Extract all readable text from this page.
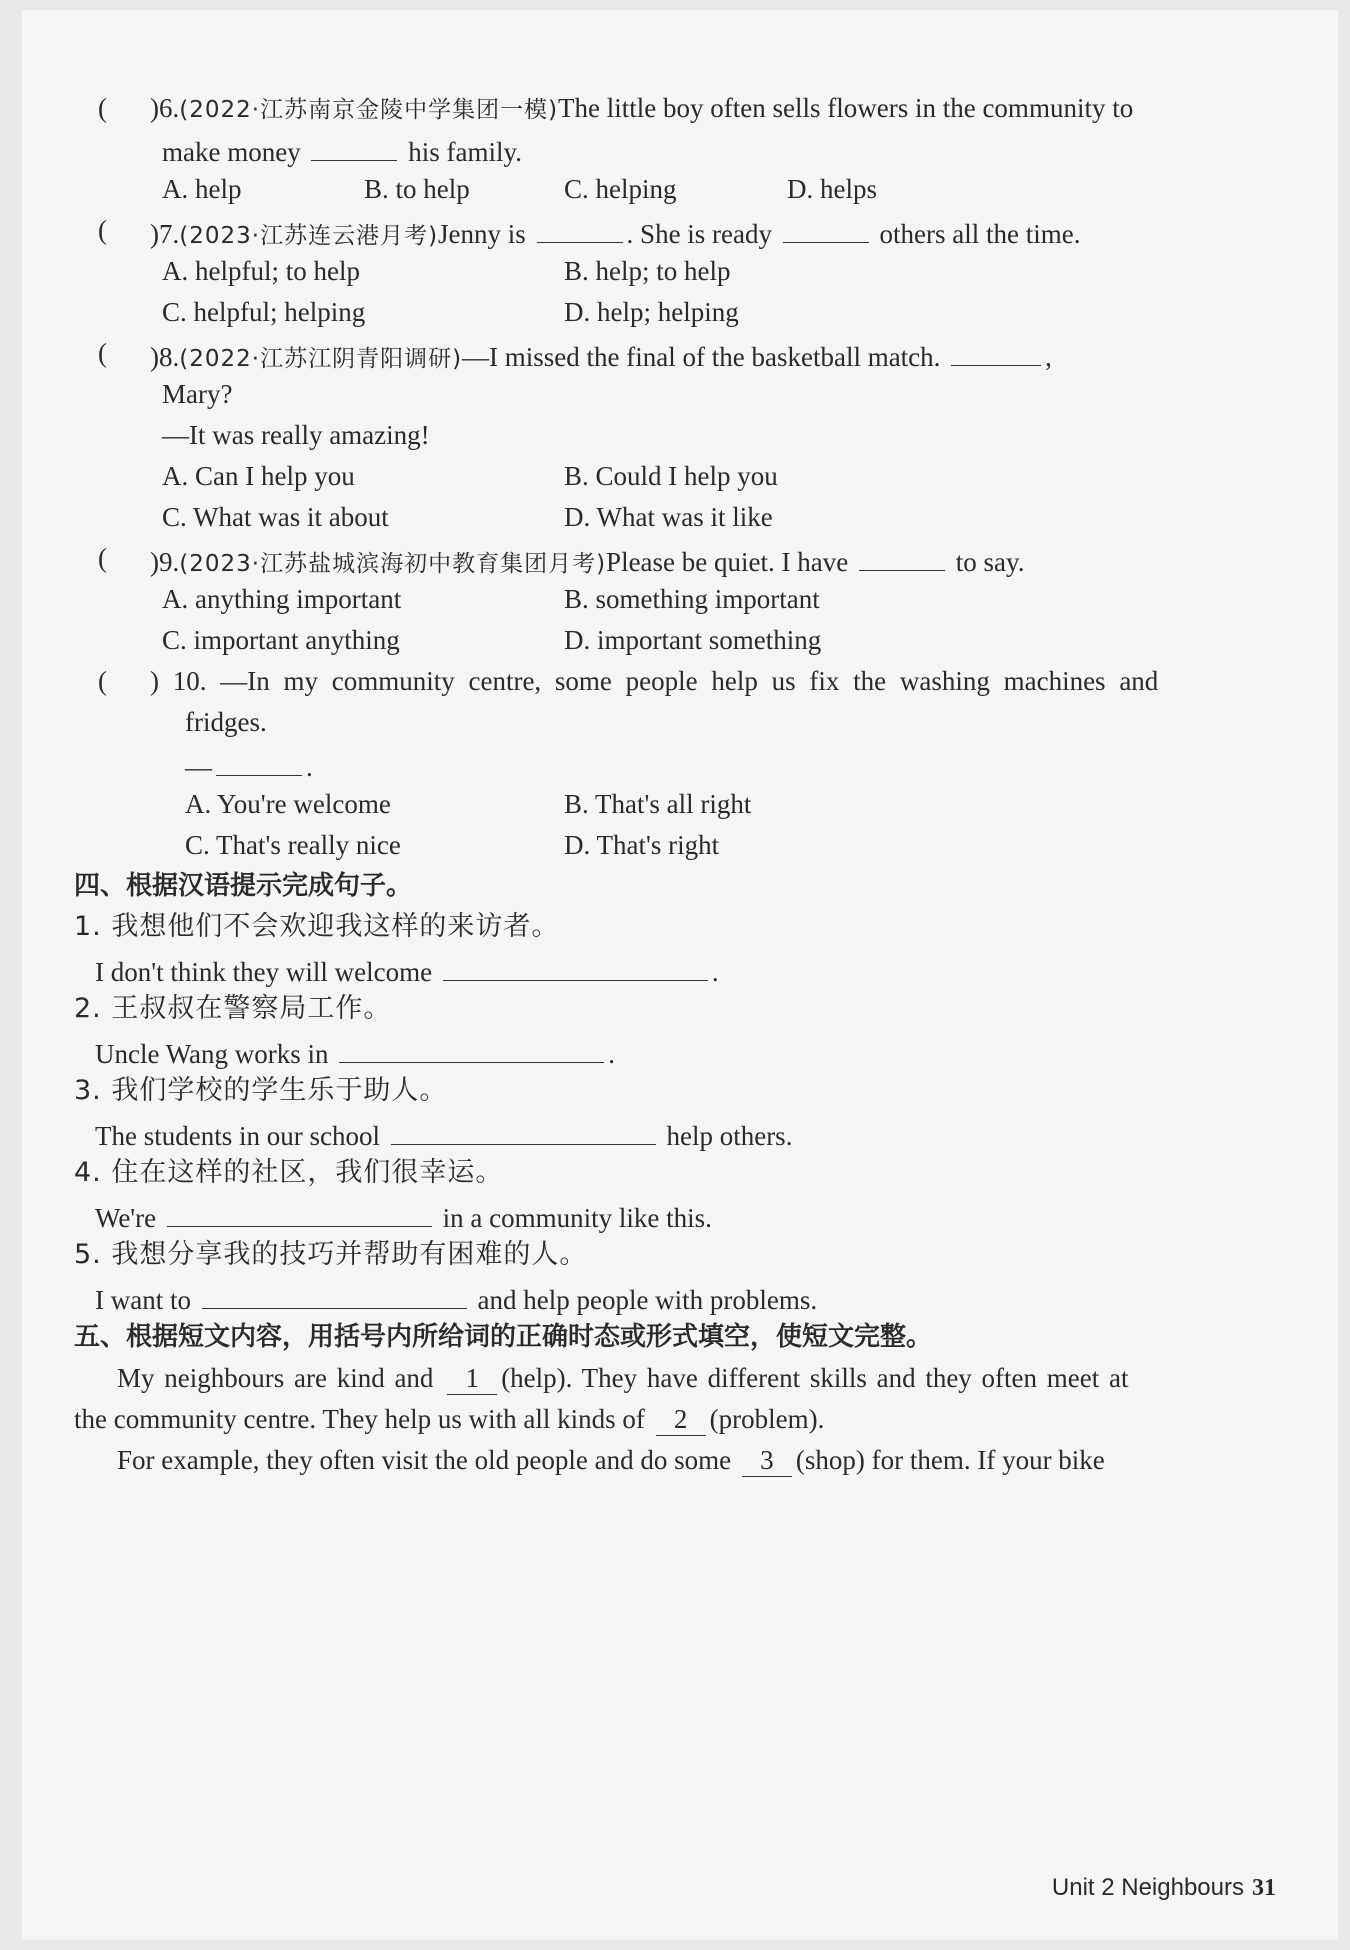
( )6.(2022·江苏南京金陵中学集团一模)The little boy often sells flowers in the community to
make money	his family.
A. help	B. to help	C. helping	D. helps
( )7.(2023·江苏连云港月考)Jenny is	. She is ready	others all the time.
A. helpful; to help	B. help; to help
C. helpful; helping	D. help; helping
( )8.(2022·江苏江阴青阳调研)—I missed the final of the basketball match.	,
Mary?
—It was really amazing!
A. Can I help you	B. Could I help you
C. What was it about	D. What was it like
( )9.(2023·江苏盐城滨海初中教育集团月考)Please be quiet. I have	to say.
A. anything important	B. something important
C. important anything	D. important something
( ) 10. —In my community centre, some people help us fix the washing machines and
fridges.
—	.
A. You're welcome	B. That's all right
C. That's really nice	D. That's right
四、根据汉语提示完成句子。
1. 我想他们不会欢迎我这样的来访者。
I don't think they will welcome	.
2. 王叔叔在警察局工作。
Uncle Wang works in	.
3. 我们学校的学生乐于助人。
The students in our school	help others.
4. 住在这样的社区，我们很幸运。
We're	in a community like this.
5. 我想分享我的技巧并帮助有困难的人。
I want to	and help people with problems.
五、根据短文内容，用括号内所给词的正确时态或形式填空，使短文完整。
My neighbours are kind and 1 (help). They have different skills and they often meet at
the community centre. They help us with all kinds of 2 (problem).
For example, they often visit the old people and do some 3 (shop) for them. If your bike
Unit 2 Neighbours 31
